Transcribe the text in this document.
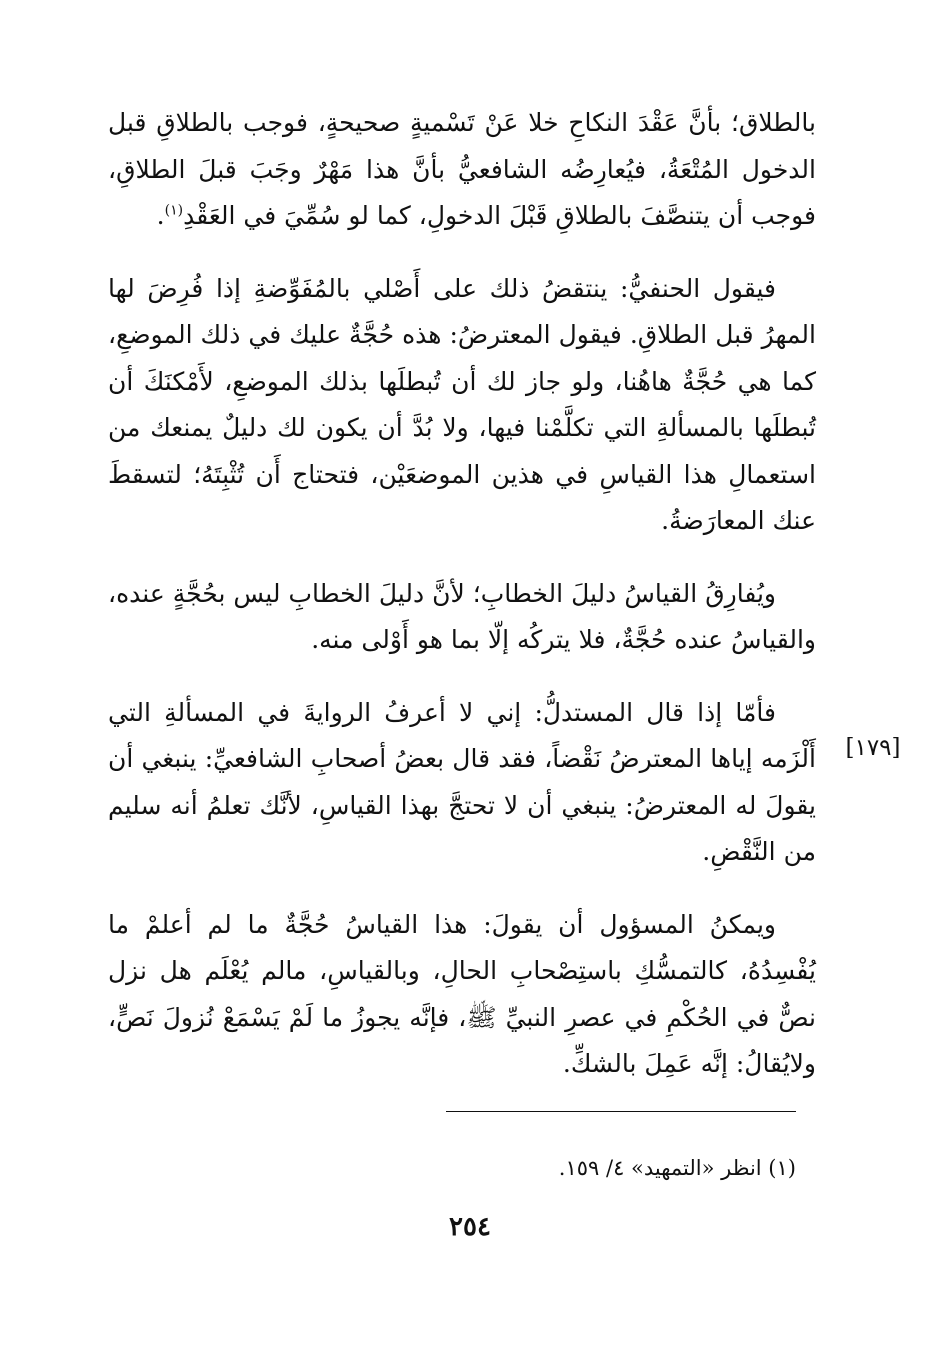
بالطلاق؛ بأنَّ عَقْدَ النكاحِ خلا عَنْ تَسْميةٍ صحيحةٍ، فوجب بالطلاقِ قبل الدخول المُتْعَةُ، فيُعارِضُه الشافعيُّ بأنَّ هذا مَهْرٌ وجَبَ قبلَ الطلاقِ، فوجب أن يتنصَّفَ بالطلاقِ قَبْلَ الدخولِ، كما لو سُمِّيَ في العَقْدِ$^{(١)}$.

فيقول الحنفيُّ: ينتقضُ ذلك على أَصْلي بالمُفَوِّضةِ إذا فُرِضَ لها المهرُ قبل الطلاقِ. فيقول المعترضُ: هذه حُجَّةٌ عليك في ذلك الموضعِ، كما هي حُجَّةٌ هاهُنا، ولو جاز لك أن تُبطلَها بذلك الموضعِ، لأَمْكنَكَ أن تُبطلَها بالمسألةِ التي تكلَّمْنا فيها، ولا بُدَّ أن يكون لك دليلٌ يمنعك من استعمالِ هذا القياسِ في هذين الموضعَيْن، فتحتاج أَن تُثْبِتَهُ؛ لتسقطَ عنك المعارَضةُ.

ويُفارِقُ القياسُ دليلَ الخطابِ؛ لأنَّ دليلَ الخطابِ ليس بحُجَّةٍ عنده، والقياسُ عنده حُجَّةٌ، فلا يتركُه إلّا بما هو أَوْلى منه.

فأمّا إذا قال المستدلُّ: إني لا أعرفُ الروايةَ في المسألةِ التي أَلْزَمه إياها المعترضُ نَقْضاً، فقد قال بعضُ أصحابِ الشافعيِّ: ينبغي أن يقولَ له المعترضُ: ينبغي أن لا تحتجَّ بهذا القياسِ، لأنَّك تعلمُ أنه سليم من النَّقْضِ.

ويمكنُ المسؤول أن يقولَ: هذا القياسُ حُجَّةٌ ما لم أعلمْ ما يُفْسِدُهُ، كالتمسُّكِ باستِصْحابِ الحالِ، وبالقياسِ، مالم يُعْلَم هل نزل نصٌّ في الحُكْمِ في عصرِ النبيِّ ﷺ، فإنَّه يجوزُ ما لَمْ يَسْمَعْ نُزولَ نَصٍّ، ولايُقالُ: إنَّه عَمِلَ بالشكِّ.

[١٧٩]
(١) انظر «التمهيد» ٤/ ١٥٩.
٢٥٤
